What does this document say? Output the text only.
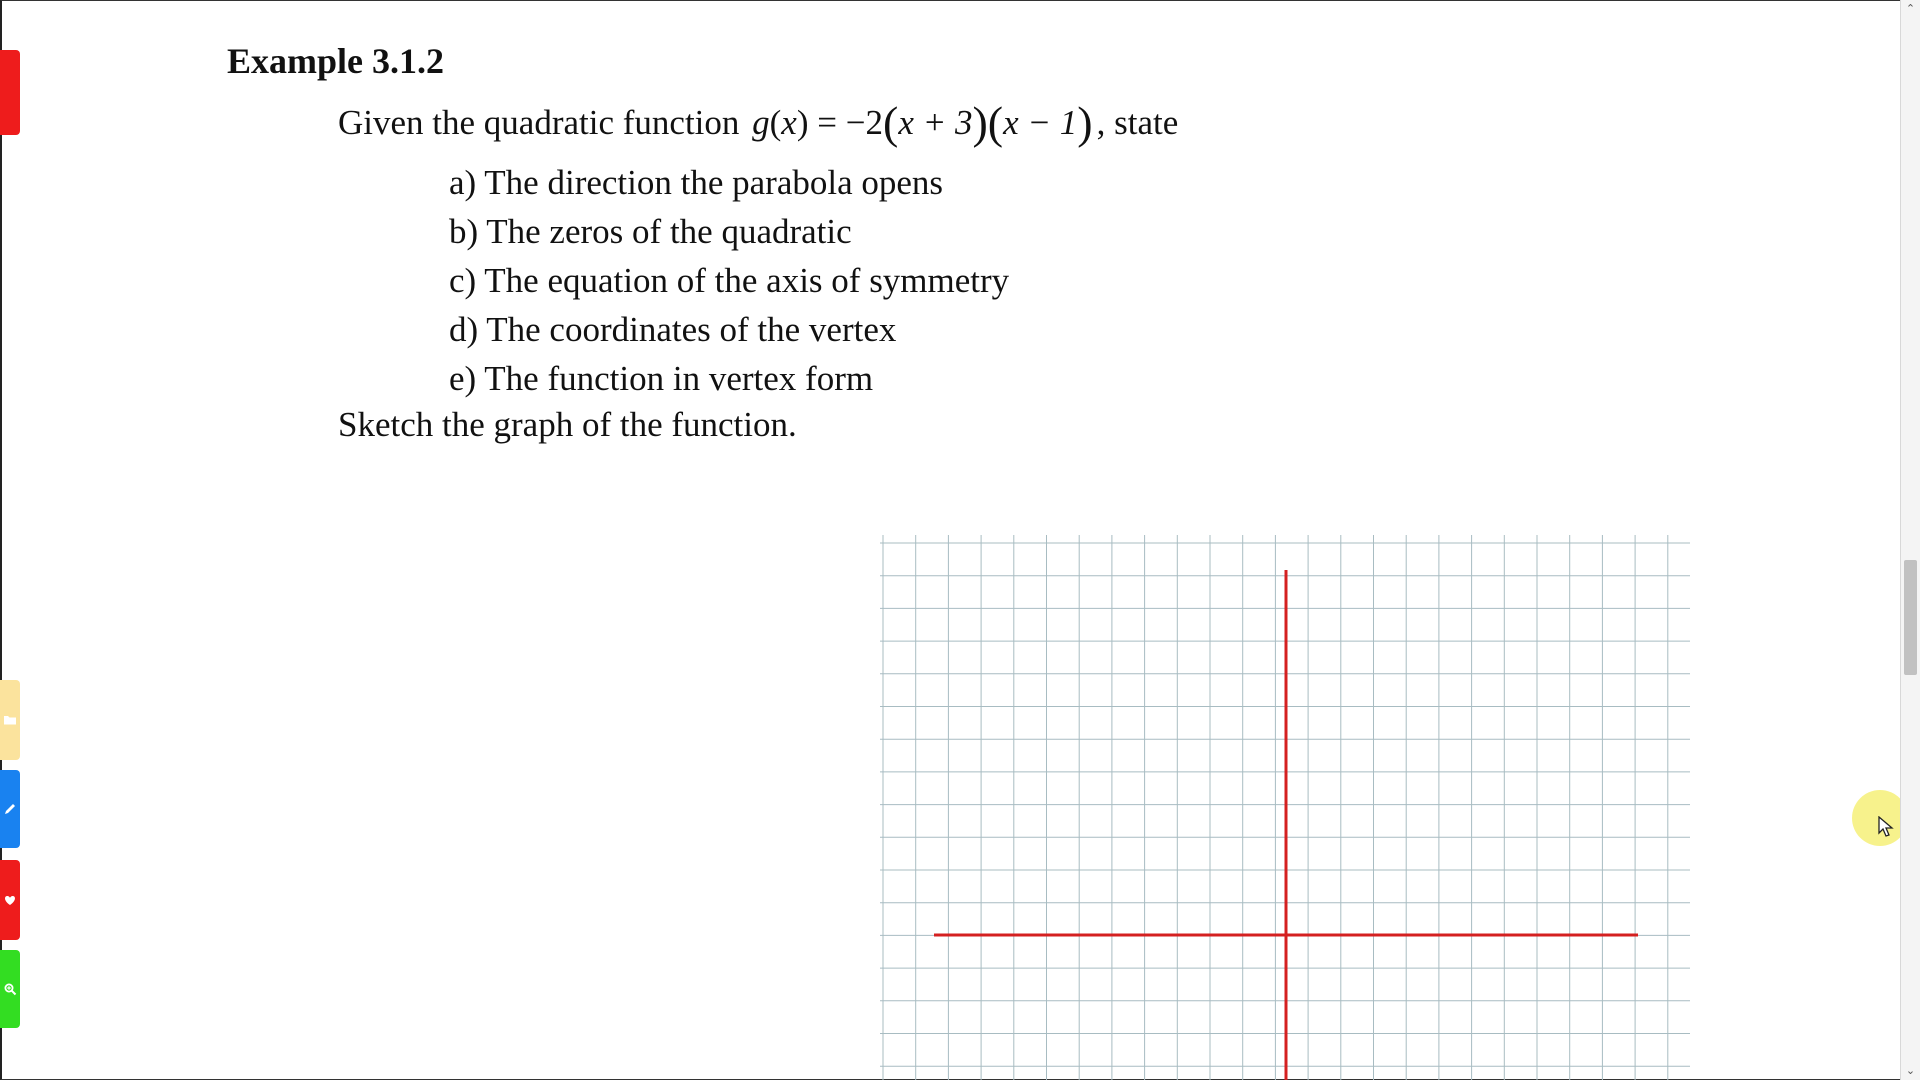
Example 3.1.2
Given the quadratic function g(x) = −2(x + 3)(x − 1) , state
a) The direction the parabola opens
b) The zeros of the quadratic
c) The equation of the axis of symmetry
d) The coordinates of the vertex
e) The function in vertex form
Sketch the graph of the function.
⌃
⌄
